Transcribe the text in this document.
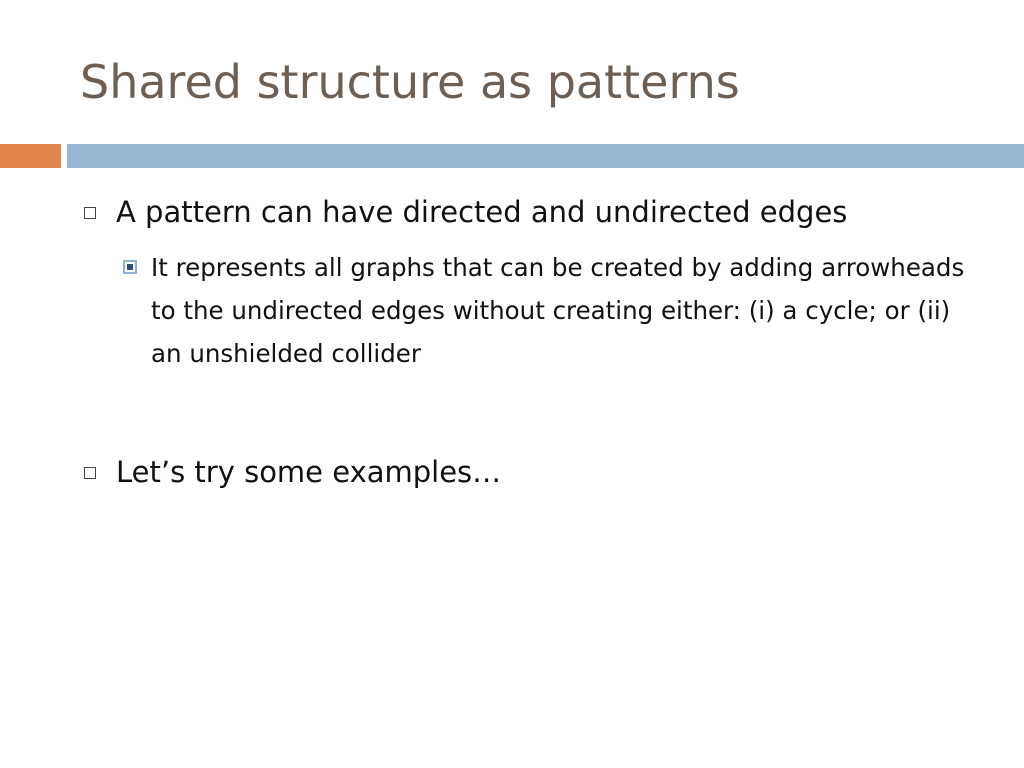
Shared structure as patterns
A pattern can have directed and undirected edges
It represents all graphs that can be created by adding arrowheads to the undirected edges without creating either: (i) a cycle; or (ii) an unshielded collider
Let’s try some examples…
